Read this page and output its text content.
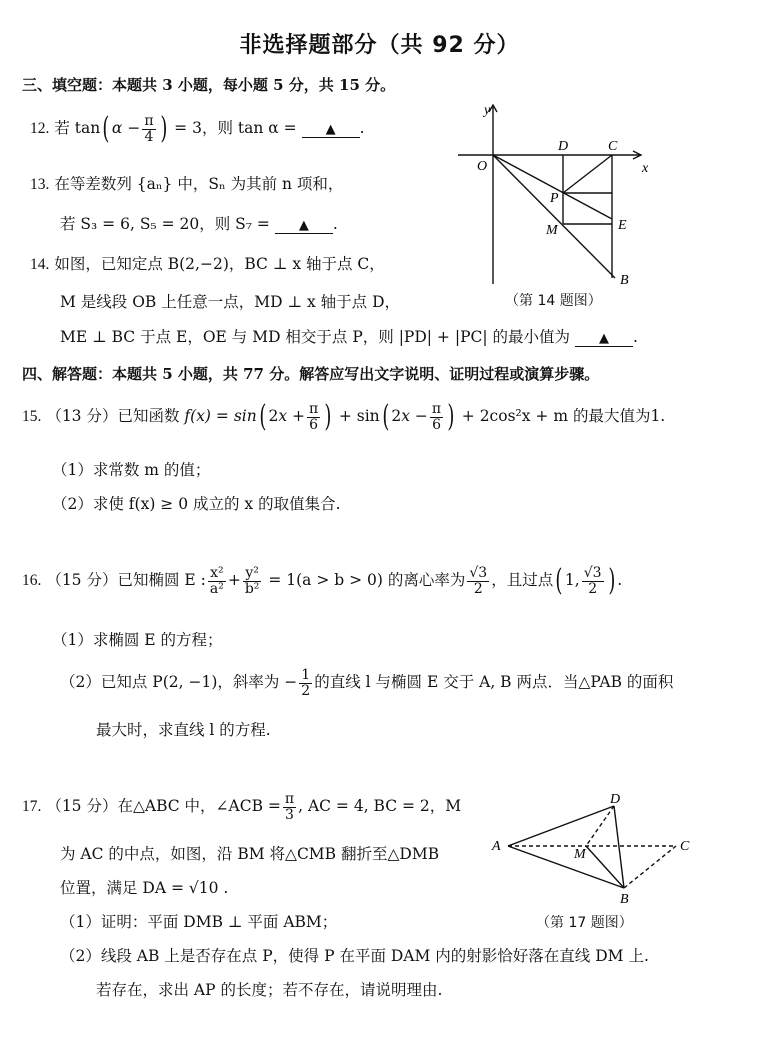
非选择题部分（共 92 分）
三、填空题：本题共 3 小题，每小题 5 分，共 15 分。
12. 若 tan( $\alpha - \frac{\pi}{4}$ ) = 3，则 tan α = ▲ .
13. 在等差数列 {aₙ} 中，Sₙ 为其前 n 项和，
若 S₃ = 6, S₅ = 20，则 S₇ = ▲ .
14. 如图，已知定点 B(2,−2)，BC ⊥ x 轴于点 C，
M 是线段 OB 上任意一点，MD ⊥ x 轴于点 D，
ME ⊥ BC 于点 E，OE 与 MD 相交于点 P，则 |PD| + |PC| 的最小值为 ▲ .
y
x
O
D	C
P
M	E
B
（第 14 题图）
四、解答题：本题共 5 小题，共 77 分。解答应写出文字说明、证明过程或演算步骤。
15. （13 分）已知函数 f(x) = sin( $2x + \frac{\pi}{6}$ ) + sin( $2x - \frac{\pi}{6}$ ) + 2cos²x + m 的最大值为1.
（1）求常数 m 的值；
（2）求使 f(x) ≥ 0 成立的 x 的取值集合.
16. （15 分）已知椭圆 E : $\frac{\text{x²}}{\text{a²}} + \frac{\text{y²}}{\text{b²}} = 1(a > b > 0)$ 的离心率为 $\frac{√3}{2}$ ，且过点( 1, $\frac{√3}{2}$ ) .
（1）求椭圆 E 的方程；
（2）已知点 P(2, −1)，斜率为 − $\frac{1}{2}$ 的直线 l 与椭圆 E 交于 A, B 两点．当△PAB 的面积
最大时，求直线 l 的方程.
17. （15 分）在△ABC 中，∠ACB = $\frac{\pi}{3}$ , AC = 4, BC = 2，M
为 AC 的中点，如图，沿 BM 将△CMB 翻折至△DMB
位置，满足 DA = √10 .
（1）证明：平面 DMB ⊥ 平面 ABM；
（2）线段 AB 上是否存在点 P，使得 P 在平面 DAM 内的射影恰好落在直线 DM 上.
若存在，求出 AP 的长度；若不存在，请说明理由.
A
M
C
D
B
（第 17 题图）
